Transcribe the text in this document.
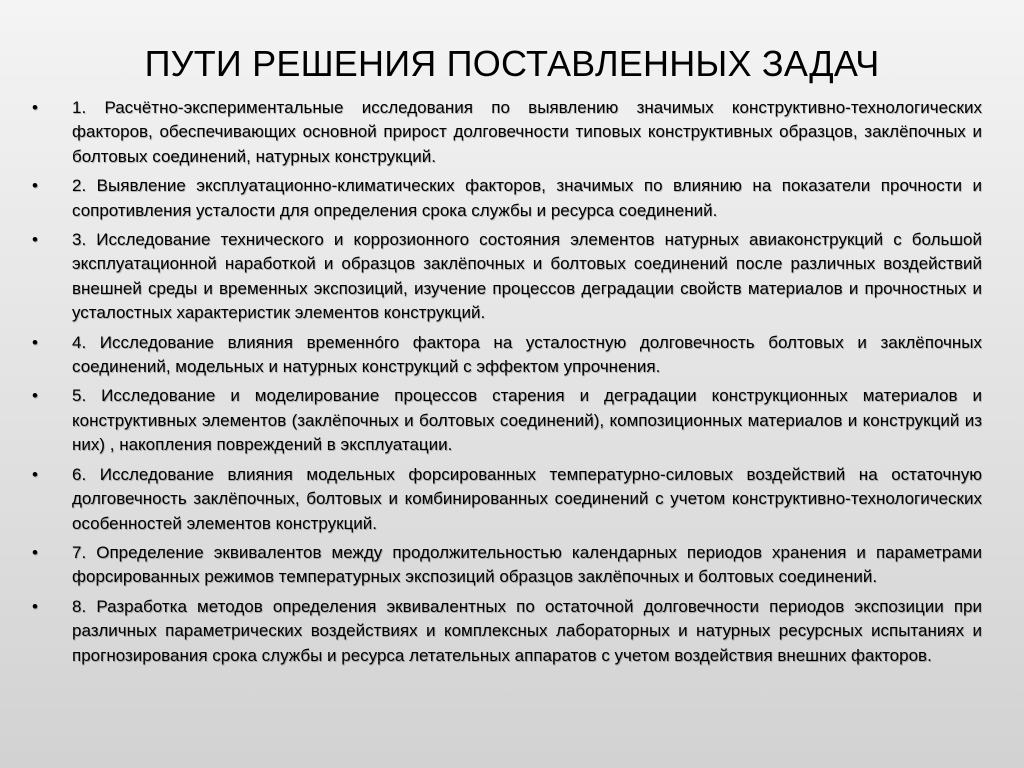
ПУТИ РЕШЕНИЯ ПОСТАВЛЕННЫХ ЗАДАЧ
•	1. Расчётно-экспериментальные исследования по выявлению значимых конструктивно-технологических факторов, обеспечивающих основной прирост долговечности типовых конструктивных образцов, заклёпочных и болтовых соединений, натурных конструкций.
•	2. Выявление эксплуатационно-климатических факторов, значимых по влиянию на показатели прочности и сопротивления усталости для определения срока службы и ресурса соединений.
•	3. Исследование технического и коррозионного состояния элементов натурных авиаконструкций с большой эксплуатационной наработкой и образцов заклёпочных и болтовых соединений после различных воздействий внешней среды и временных экспозиций, изучение процессов деградации свойств материалов и прочностных и усталостных характеристик элементов конструкций.
•	4. Исследование влияния временнóго фактора на усталостную долговечность болтовых и заклёпочных соединений, модельных и натурных конструкций с эффектом упрочнения.
•	5. Исследование и моделирование процессов старения и деградации конструкционных материалов и конструктивных элементов (заклёпочных и болтовых соединений), композиционных материалов и конструкций из них) , накопления повреждений в эксплуатации.
•	6. Исследование влияния модельных форсированных температурно-силовых воздействий на остаточную долговечность заклёпочных, болтовых и комбинированных соединений с учетом конструктивно-технологических особенностей элементов конструкций.
•	7. Определение эквивалентов между продолжительностью календарных периодов хранения и параметрами форсированных режимов температурных экспозиций образцов заклёпочных и болтовых соединений.
•	8. Разработка методов определения эквивалентных по остаточной долговечности периодов экспозиции при различных параметрических воздействиях и комплексных лабораторных и натурных ресурсных испытаниях и прогнозирования срока службы и ресурса летательных аппаратов с учетом воздействия внешних факторов.
